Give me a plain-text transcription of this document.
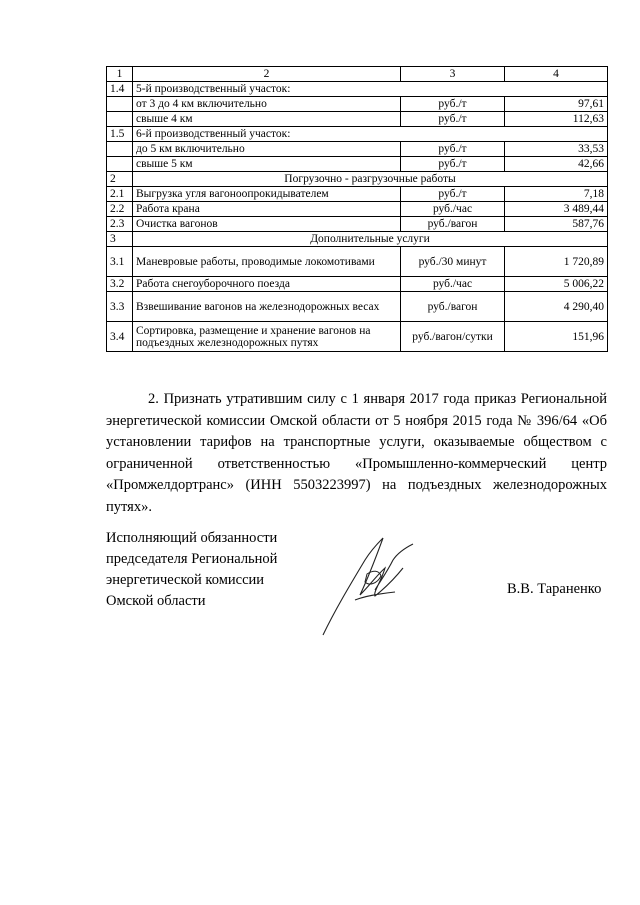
1	2	3	4
1.4	5-й производственный участок:		
	от 3 до 4 км включительно	руб./т	97,61
	свыше 4 км	руб./т	112,63
1.5	6-й производственный участок:		
	до 5 км включительно	руб./т	33,53
	свыше 5 км	руб./т	42,66
2	Погрузочно - разгрузочные работы		
2.1	Выгрузка угля вагоноопрокидывателем	руб./т	7,18
2.2	Работа крана	руб./час	3 489,44
2.3	Очистка вагонов	руб./вагон	587,76
3	Дополнительные услуги		
3.1	Маневровые работы, проводимые локомотивами	руб./30 минут	1 720,89
3.2	Работа снегоуборочного поезда	руб./час	5 006,22
3.3	Взвешивание вагонов на железнодорожных весах	руб./вагон	4 290,40
3.4	Сортировка, размещение и хранение вагонов на подъездных железнодорожных путях	руб./вагон/сутки	151,96
2. Признать утратившим силу с 1 января 2017 года приказ Региональной энергетической комиссии Омской области от 5 ноября 2015 года № 396/64 «Об установлении тарифов на транспортные услуги, оказываемые обществом с ограниченной ответственностью «Промышленно-коммерческий центр «Промжелдортранс» (ИНН 5503223997) на подъездных железнодорожных путях».
Исполняющий обязанности
председателя Региональной
энергетической комиссии
Омской области
В.В. Тараненко
